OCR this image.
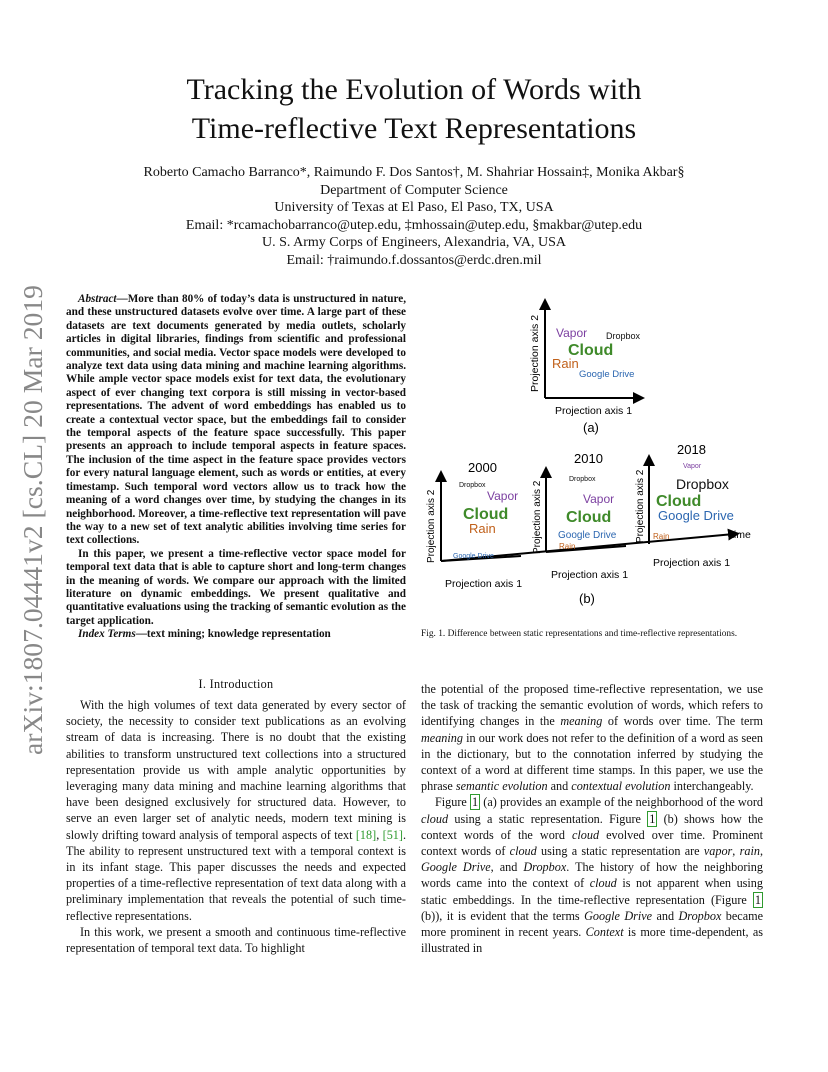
arXiv:1807.04441v2 [cs.CL] 20 Mar 2019
Tracking the Evolution of Words with
Time-reflective Text Representations
Roberto Camacho Barranco*, Raimundo F. Dos Santos†, M. Shahriar Hossain‡, Monika Akbar§
Department of Computer Science
University of Texas at El Paso, El Paso, TX, USA
Email: *rcamachobarranco@utep.edu, ‡mhossain@utep.edu, §makbar@utep.edu
U. S. Army Corps of Engineers, Alexandria, VA, USA
Email: †raimundo.f.dossantos@erdc.dren.mil

Abstract—More than 80% of today’s data is unstructured in nature, and these unstructured datasets evolve over time. A large part of these datasets are text documents generated by media outlets, scholarly articles in digital libraries, findings from scientific and professional communities, and social media. Vector space models were developed to analyze text data using data mining and machine learning algorithms. While ample vector space models exist for text data, the evolutionary aspect of ever changing text corpora is still missing in vector-based representations. The advent of word embeddings has enabled us to create a contextual vector space, but the embeddings fail to consider the temporal aspects of the feature space successfully. This paper presents an approach to include temporal aspects in feature spaces. The inclusion of the time aspect in the feature space provides vectors for every natural language element, such as words or entities, at every timestamp. Such temporal word vectors allow us to track how the meaning of a word changes over time, by studying the changes in its neighborhood. Moreover, a time-reflective text representation will pave the way to a new set of text analytic abilities involving time series for text collections.

In this paper, we present a time-reflective vector space model for temporal text data that is able to capture short and long-term changes in the meaning of words. We compare our approach with the limited literature on dynamic embeddings. We present qualitative and quantitative evaluations using the tracking of semantic evolution as the target application.

Index Terms—text mining; knowledge representation

I. Introduction

With the high volumes of text data generated by every sector of society, the necessity to consider text publications as an evolving stream of data is increasing. There is no doubt that the existing abilities to transform unstructured text collections into a structured representation provide us with ample analytic opportunities by leveraging many data mining and machine learning algorithms that have been designed exclusively for structured data. However, to serve an even larger set of analytic needs, modern text mining is slowly drifting toward analysis of temporal aspects of text [18], [51]. The ability to represent unstructured text with a temporal context is in its infant stage. This paper discusses the needs and expected properties of a time-reflective representation of text data along with a preliminary implementation that reveals the potential of such time-reflective representations.

In this work, we present a smooth and continuous time-reflective representation of temporal text data. To highlight

Projection axis 2
Projection axis 1
(a)
Vapor Dropbox
Cloud
Rain
Google Drive
time
Projection axis 2
Projection axis 1
2000
Dropbox
Vapor
Cloud
Rain
Google Drive
Projection axis 2
Projection axis 1
(b)
2010
Dropbox
Vapor
Cloud
Google Drive
Rain
Projection axis 2
Projection axis 1
2018
Vapor
Dropbox
Cloud
Google Drive
Rain
Fig. 1. Difference between static representations and time-reflective representations.

the potential of the proposed time-reflective representation, we use the task of tracking the semantic evolution of words, which refers to identifying changes in the meaning of words over time. The term meaning in our work does not refer to the definition of a word as seen in the dictionary, but to the connotation inferred by studying the context of a word at different time stamps. In this paper, we use the phrase semantic evolution and contextual evolution interchangeably.

Figure 1 (a) provides an example of the neighborhood of the word cloud using a static representation. Figure 1 (b) shows how the context words of the word cloud evolved over time. Prominent context words of cloud using a static representation are vapor, rain, Google Drive, and Dropbox. The history of how the neighboring words came into the context of cloud is not apparent when using static embeddings. In the time-reflective representation (Figure 1 (b)), it is evident that the terms Google Drive and Dropbox became more prominent in recent years. Context is more time-dependent, as illustrated in
